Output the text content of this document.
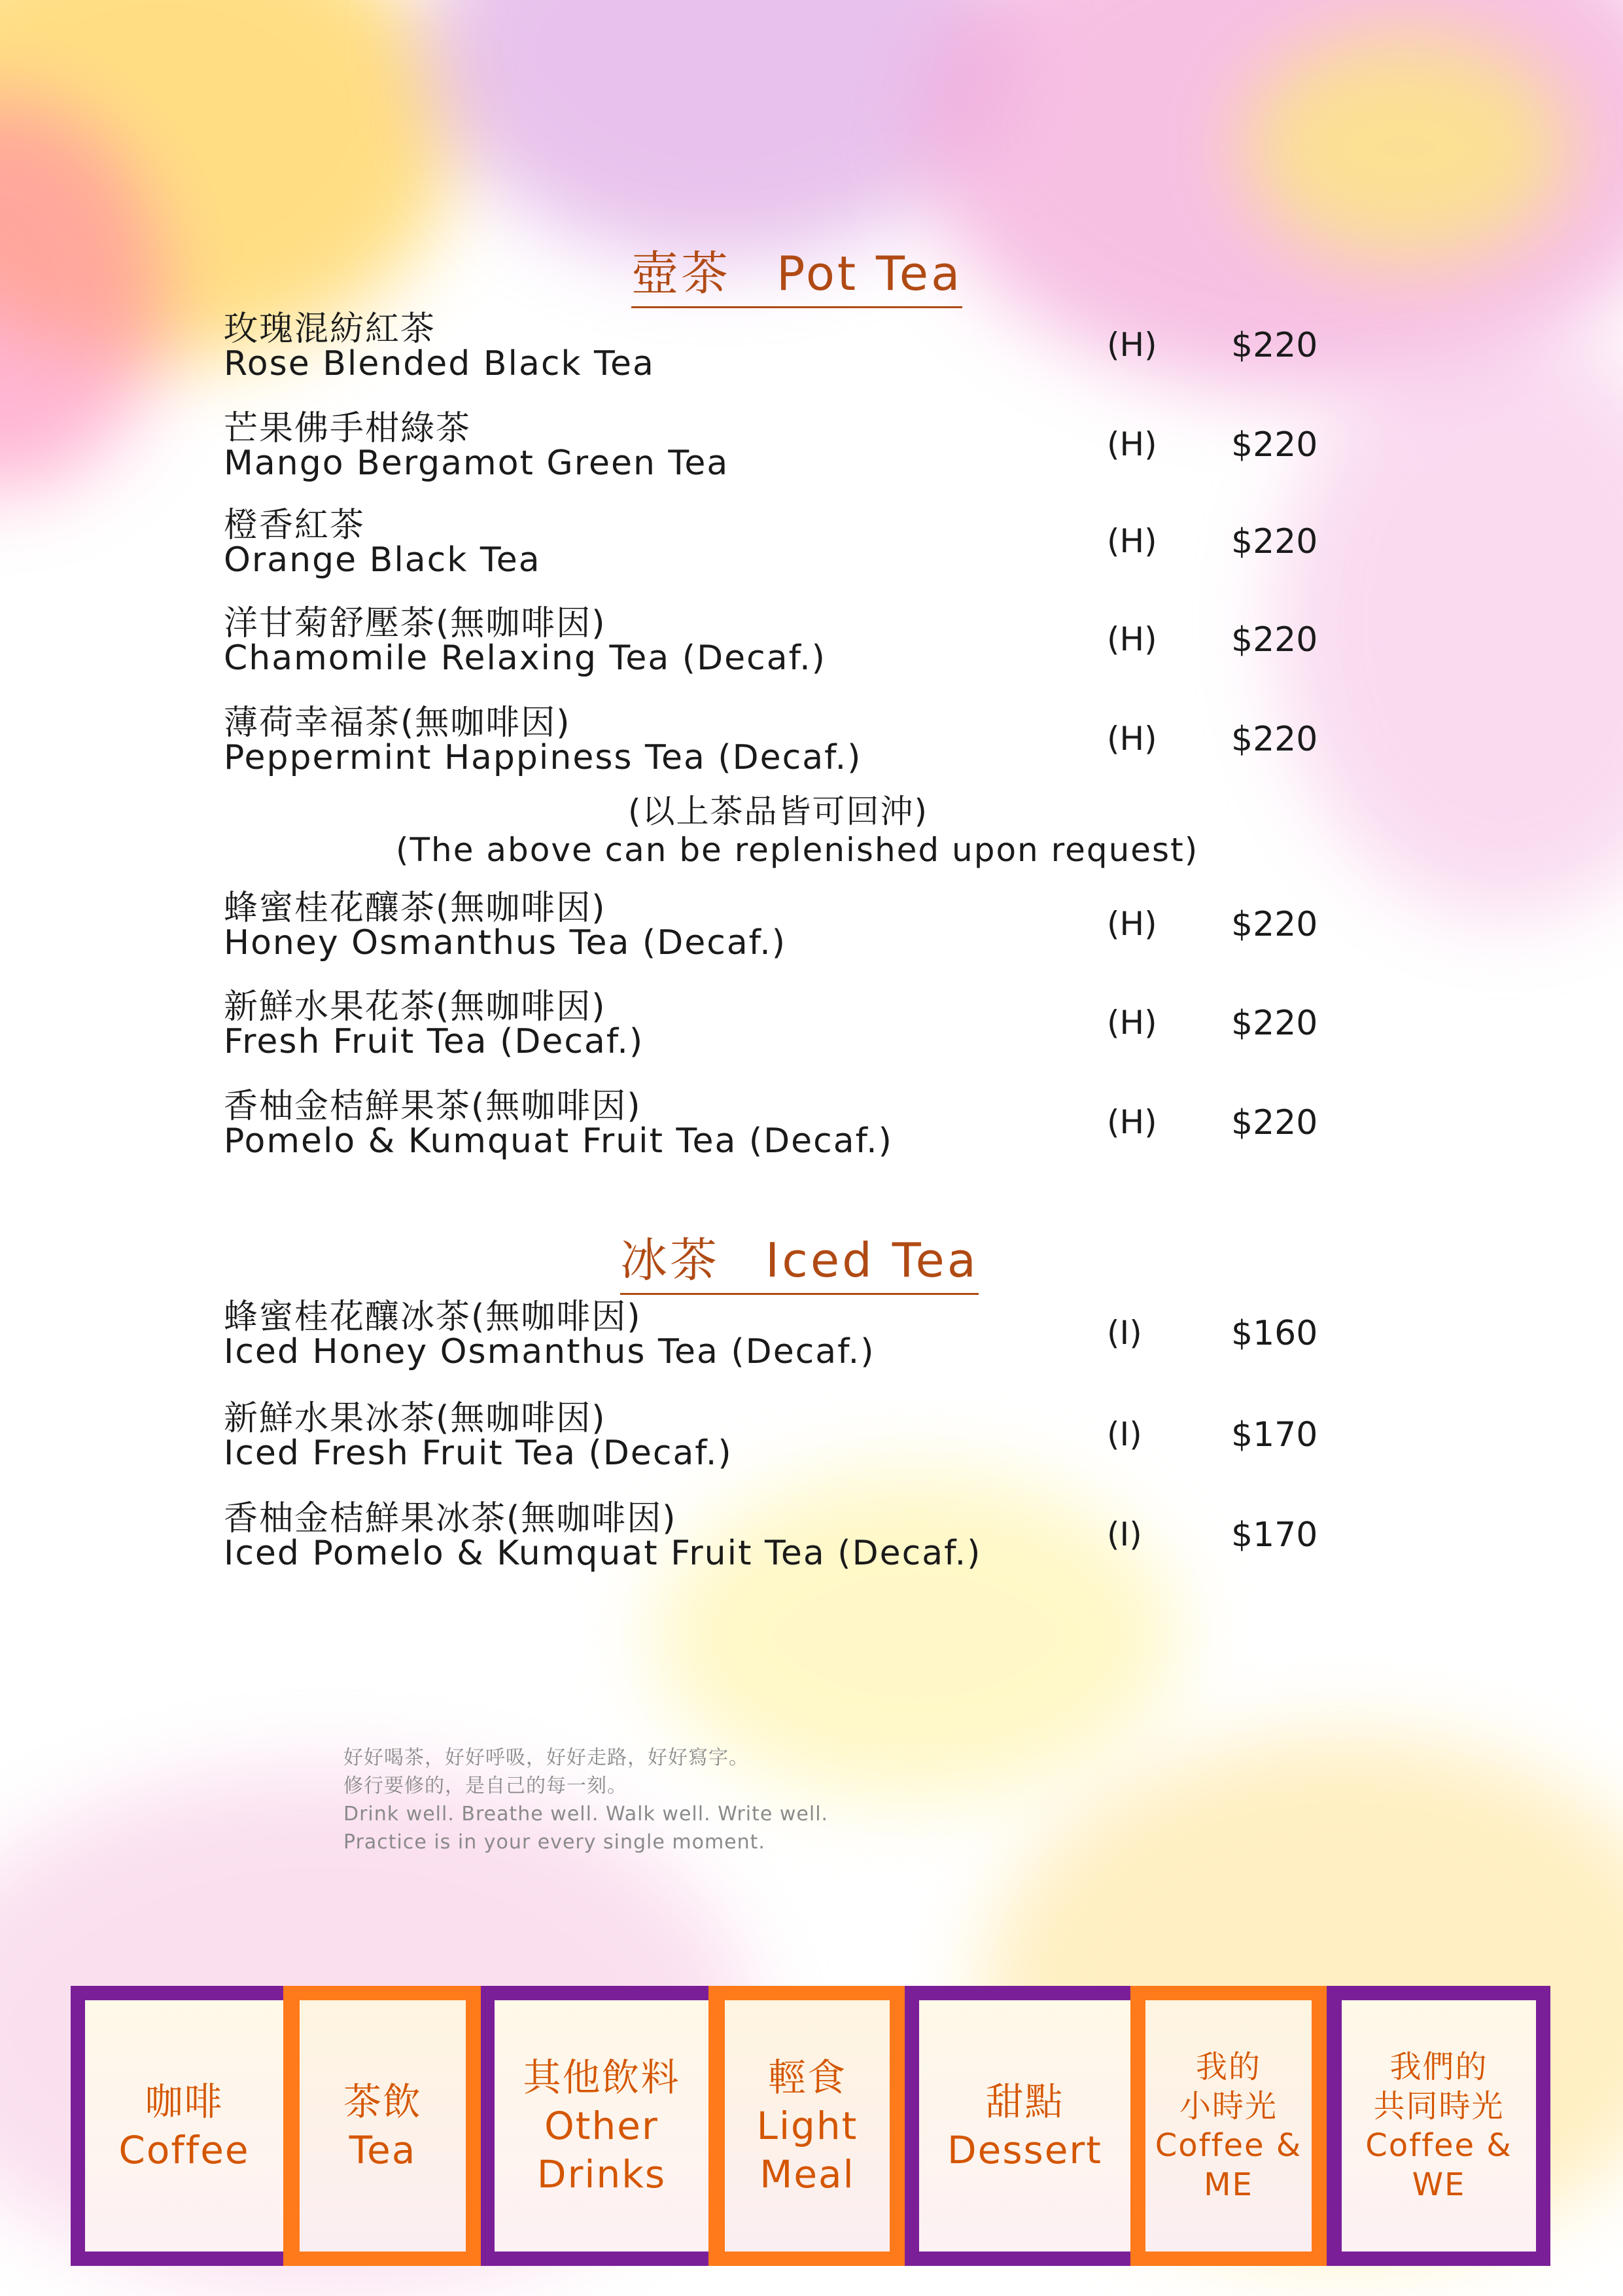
壺茶 Pot Tea
玫瑰混紡紅茶
Rose Blended Black Tea	(H) $220
芒果佛手柑綠茶
Mango Bergamot Green Tea	(H) $220
橙香紅茶
Orange Black Tea	(H) $220
洋甘菊舒壓茶(無咖啡因)
Chamomile Relaxing Tea (Decaf.)	(H) $220
薄荷幸福茶(無咖啡因)
Peppermint Happiness Tea (Decaf.)	(H) $220
(以上茶品皆可回沖)
(The above can be replenished upon request)
蜂蜜桂花釀茶(無咖啡因)
Honey Osmanthus Tea (Decaf.)	(H) $220
新鮮水果花茶(無咖啡因)
Fresh Fruit Tea (Decaf.)	(H) $220
香柚金桔鮮果茶(無咖啡因)
Pomelo & Kumquat Fruit Tea (Decaf.)	(H) $220
冰茶 Iced Tea
蜂蜜桂花釀冰茶(無咖啡因)
Iced Honey Osmanthus Tea (Decaf.)	(I)	$160
新鮮水果冰茶(無咖啡因)
Iced Fresh Fruit Tea (Decaf.)	(I)	$170
香柚金桔鮮果冰茶(無咖啡因)
Iced Pomelo & Kumquat Fruit Tea (Decaf.)	(I)	$170
好好喝茶，好好呼吸，好好走路，好好寫字。
修行要修的，是自己的每一刻。
Drink well. Breathe well. Walk well. Write well.
Practice is in your every single moment.
咖啡
Coffee
茶飲
Tea
其他飲料
Other
Drinks
輕食
Light
Meal
甜點
Dessert
我的
小時光
Coffee &
ME
我們的
共同時光
Coffee &
WE
